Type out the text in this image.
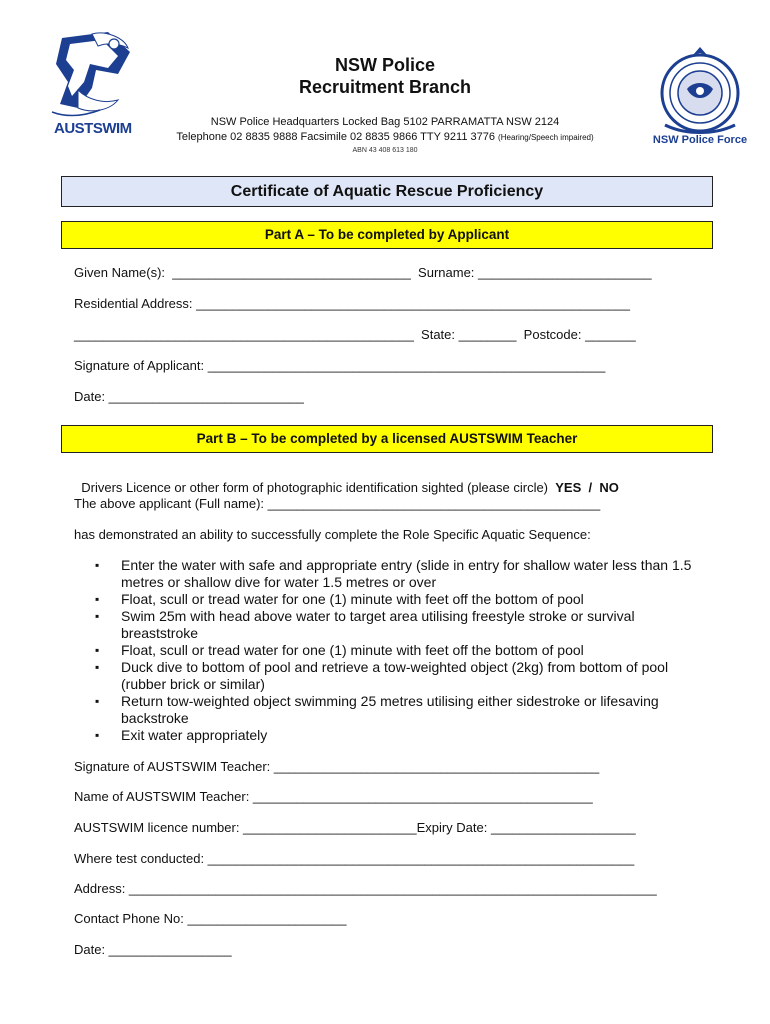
AUSTSWIM
NSW Police
Recruitment Branch
NSW Police Headquarters Locked Bag 5102 PARRAMATTA NSW 2124
Telephone 02 8835 9888 Facsimile 02 8835 9866 TTY 9211 3776 (Hearing/Speech impaired)
ABN 43 408 613 180
NSW Police Force
Certificate of Aquatic Rescue Proficiency
Part A – To be completed by Applicant
Given Name(s):  _________________________________  Surname: ________________________
Residential Address: ____________________________________________________________
_______________________________________________  State: ________  Postcode: _______
Signature of Applicant: _______________________________________________________
Date: ___________________________
Part B – To be completed by a licensed AUSTSWIM Teacher

Drivers Licence or other form of photographic identification sighted (please circle)  YES  /  NO

The above applicant (Full name): ______________________________________________
has demonstrated an ability to successfully complete the Role Specific Aquatic Sequence:
▪ Enter the water with safe and appropriate entry (slide in entry for shallow water less than 1.5 metres or shallow dive for water 1.5 metres or over
▪ Float, scull or tread water for one (1) minute with feet off the bottom of pool
▪ Swim 25m with head above water to target area utilising freestyle stroke or survival breaststroke
▪ Float, scull or tread water for one (1) minute with feet off the bottom of pool
▪ Duck dive to bottom of pool and retrieve a tow-weighted object (2kg) from bottom of pool (rubber brick or similar)
▪ Return tow-weighted object swimming 25 metres utilising either sidestroke or lifesaving backstroke
▪ Exit water appropriately
Signature of AUSTSWIM Teacher: _____________________________________________
Name of AUSTSWIM Teacher: _______________________________________________
AUSTSWIM licence number: ________________________Expiry Date: ____________________
Where test conducted: ___________________________________________________________
Address: _________________________________________________________________________
Contact Phone No: ______________________
Date: _________________
